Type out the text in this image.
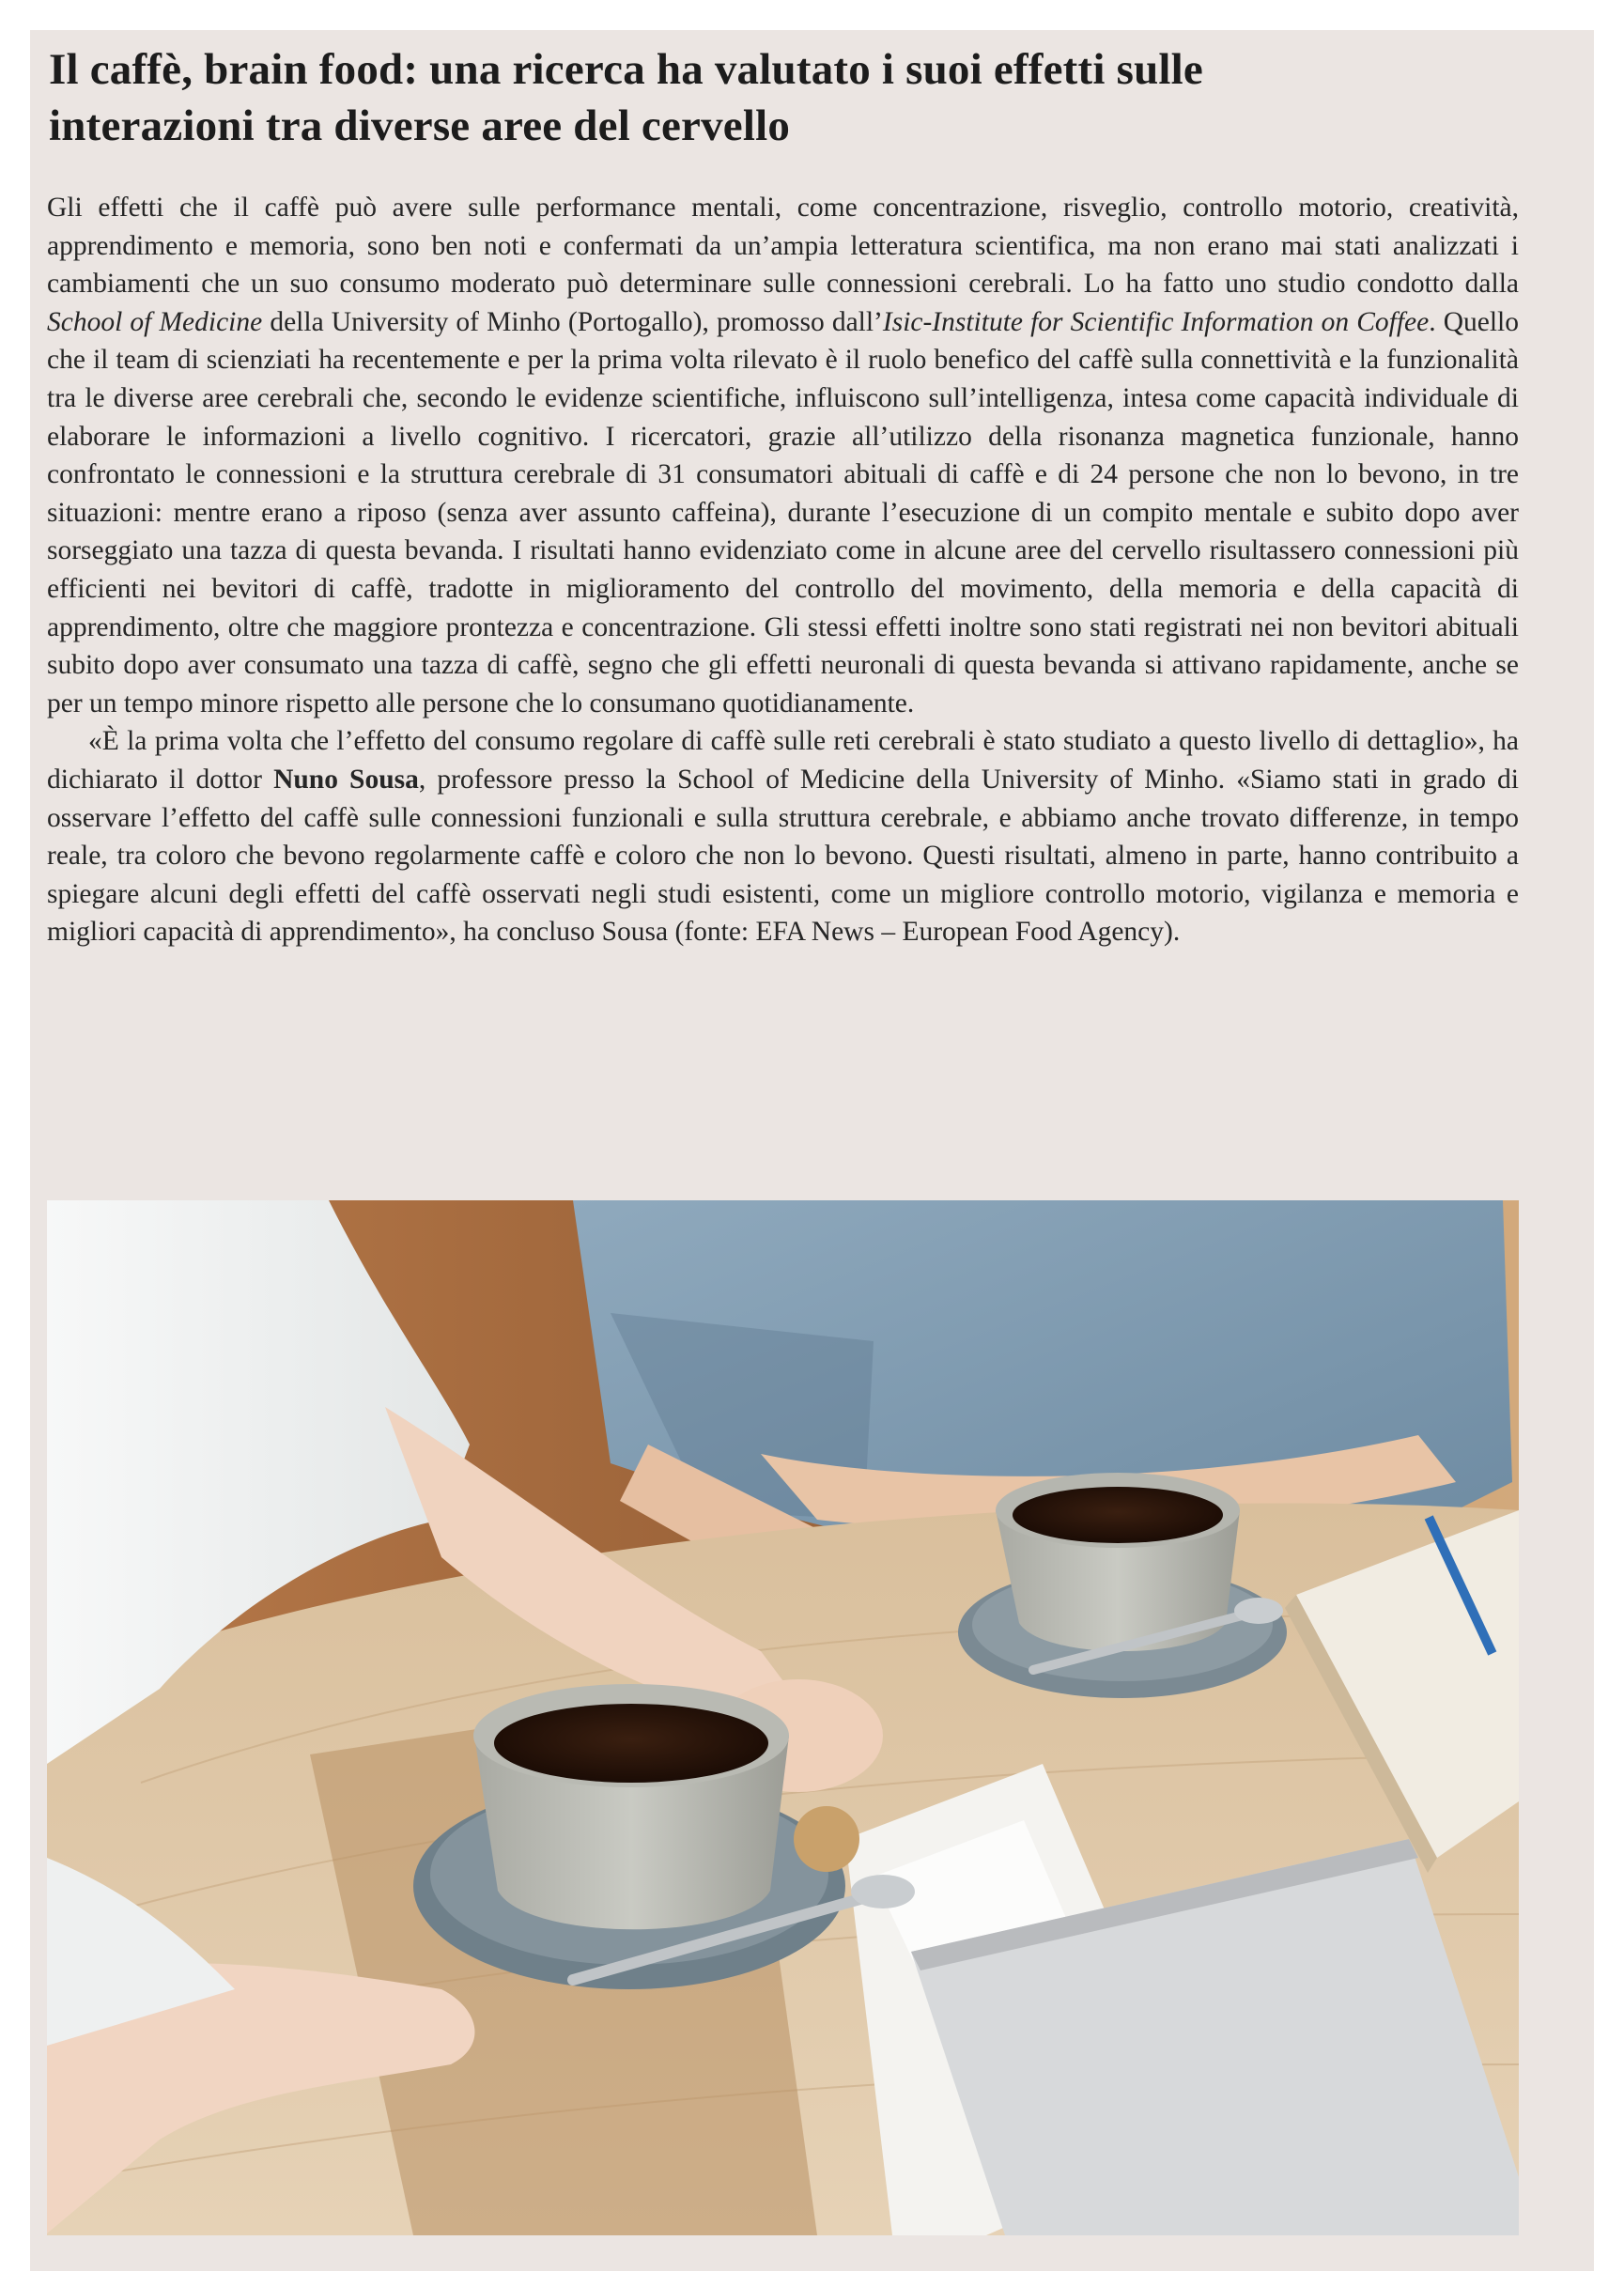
Il caffè, brain food: una ricerca ha valutato i suoi effetti sulle interazioni tra diverse aree del cervello

Gli effetti che il caffè può avere sulle performance mentali, come concentrazione, risveglio, controllo motorio, creatività, apprendimento e memoria, sono ben noti e confermati da un’ampia letteratura scientifica, ma non erano mai stati analizzati i cambiamenti che un suo consumo moderato può determinare sulle connessioni cerebrali. Lo ha fatto uno studio condotto dalla School of Medicine della University of Minho (Portogallo), promosso dall’Isic-Institute for Scientific Information on Coffee. Quello che il team di scienziati ha recentemente e per la prima volta rilevato è il ruolo benefico del caffè sulla connettività e la funzionalità tra le diverse aree cerebrali che, secondo le evidenze scientifiche, influiscono sull’intelligenza, intesa come capacità individuale di elaborare le informazioni a livello cognitivo. I ricercatori, grazie all’utilizzo della risonanza magnetica funzionale, hanno confrontato le connessioni e la struttura cerebrale di 31 consumatori abituali di caffè e di 24 persone che non lo bevono, in tre situazioni: mentre erano a riposo (senza aver assunto caffeina), durante l’esecuzione di un compito mentale e subito dopo aver sorseggiato una tazza di questa bevanda. I risultati hanno evidenziato come in alcune aree del cervello risultassero connessioni più efficienti nei bevitori di caffè, tradotte in miglioramento del controllo del movimento, della memoria e della capacità di apprendimento, oltre che maggiore prontezza e concentrazione. Gli stessi effetti inoltre sono stati registrati nei non bevitori abituali subito dopo aver consumato una tazza di caffè, segno che gli effetti neuronali di questa bevanda si attivano rapidamente, anche se per un tempo minore rispetto alle persone che lo consumano quotidianamente.

«È la prima volta che l’effetto del consumo regolare di caffè sulle reti cerebrali è stato studiato a questo livello di dettaglio», ha dichiarato il dottor Nuno Sousa, professore presso la School of Medicine della University of Minho. «Siamo stati in grado di osservare l’effetto del caffè sulle connessioni funzionali e sulla struttura cerebrale, e abbiamo anche trovato differenze, in tempo reale, tra coloro che bevono regolarmente caffè e coloro che non lo bevono. Questi risultati, almeno in parte, hanno contribuito a spiegare alcuni degli effetti del caffè osservati negli studi esistenti, come un migliore controllo motorio, vigilanza e memoria e migliori capacità di apprendimento», ha concluso Sousa (fonte: EFA News – European Food Agency).
